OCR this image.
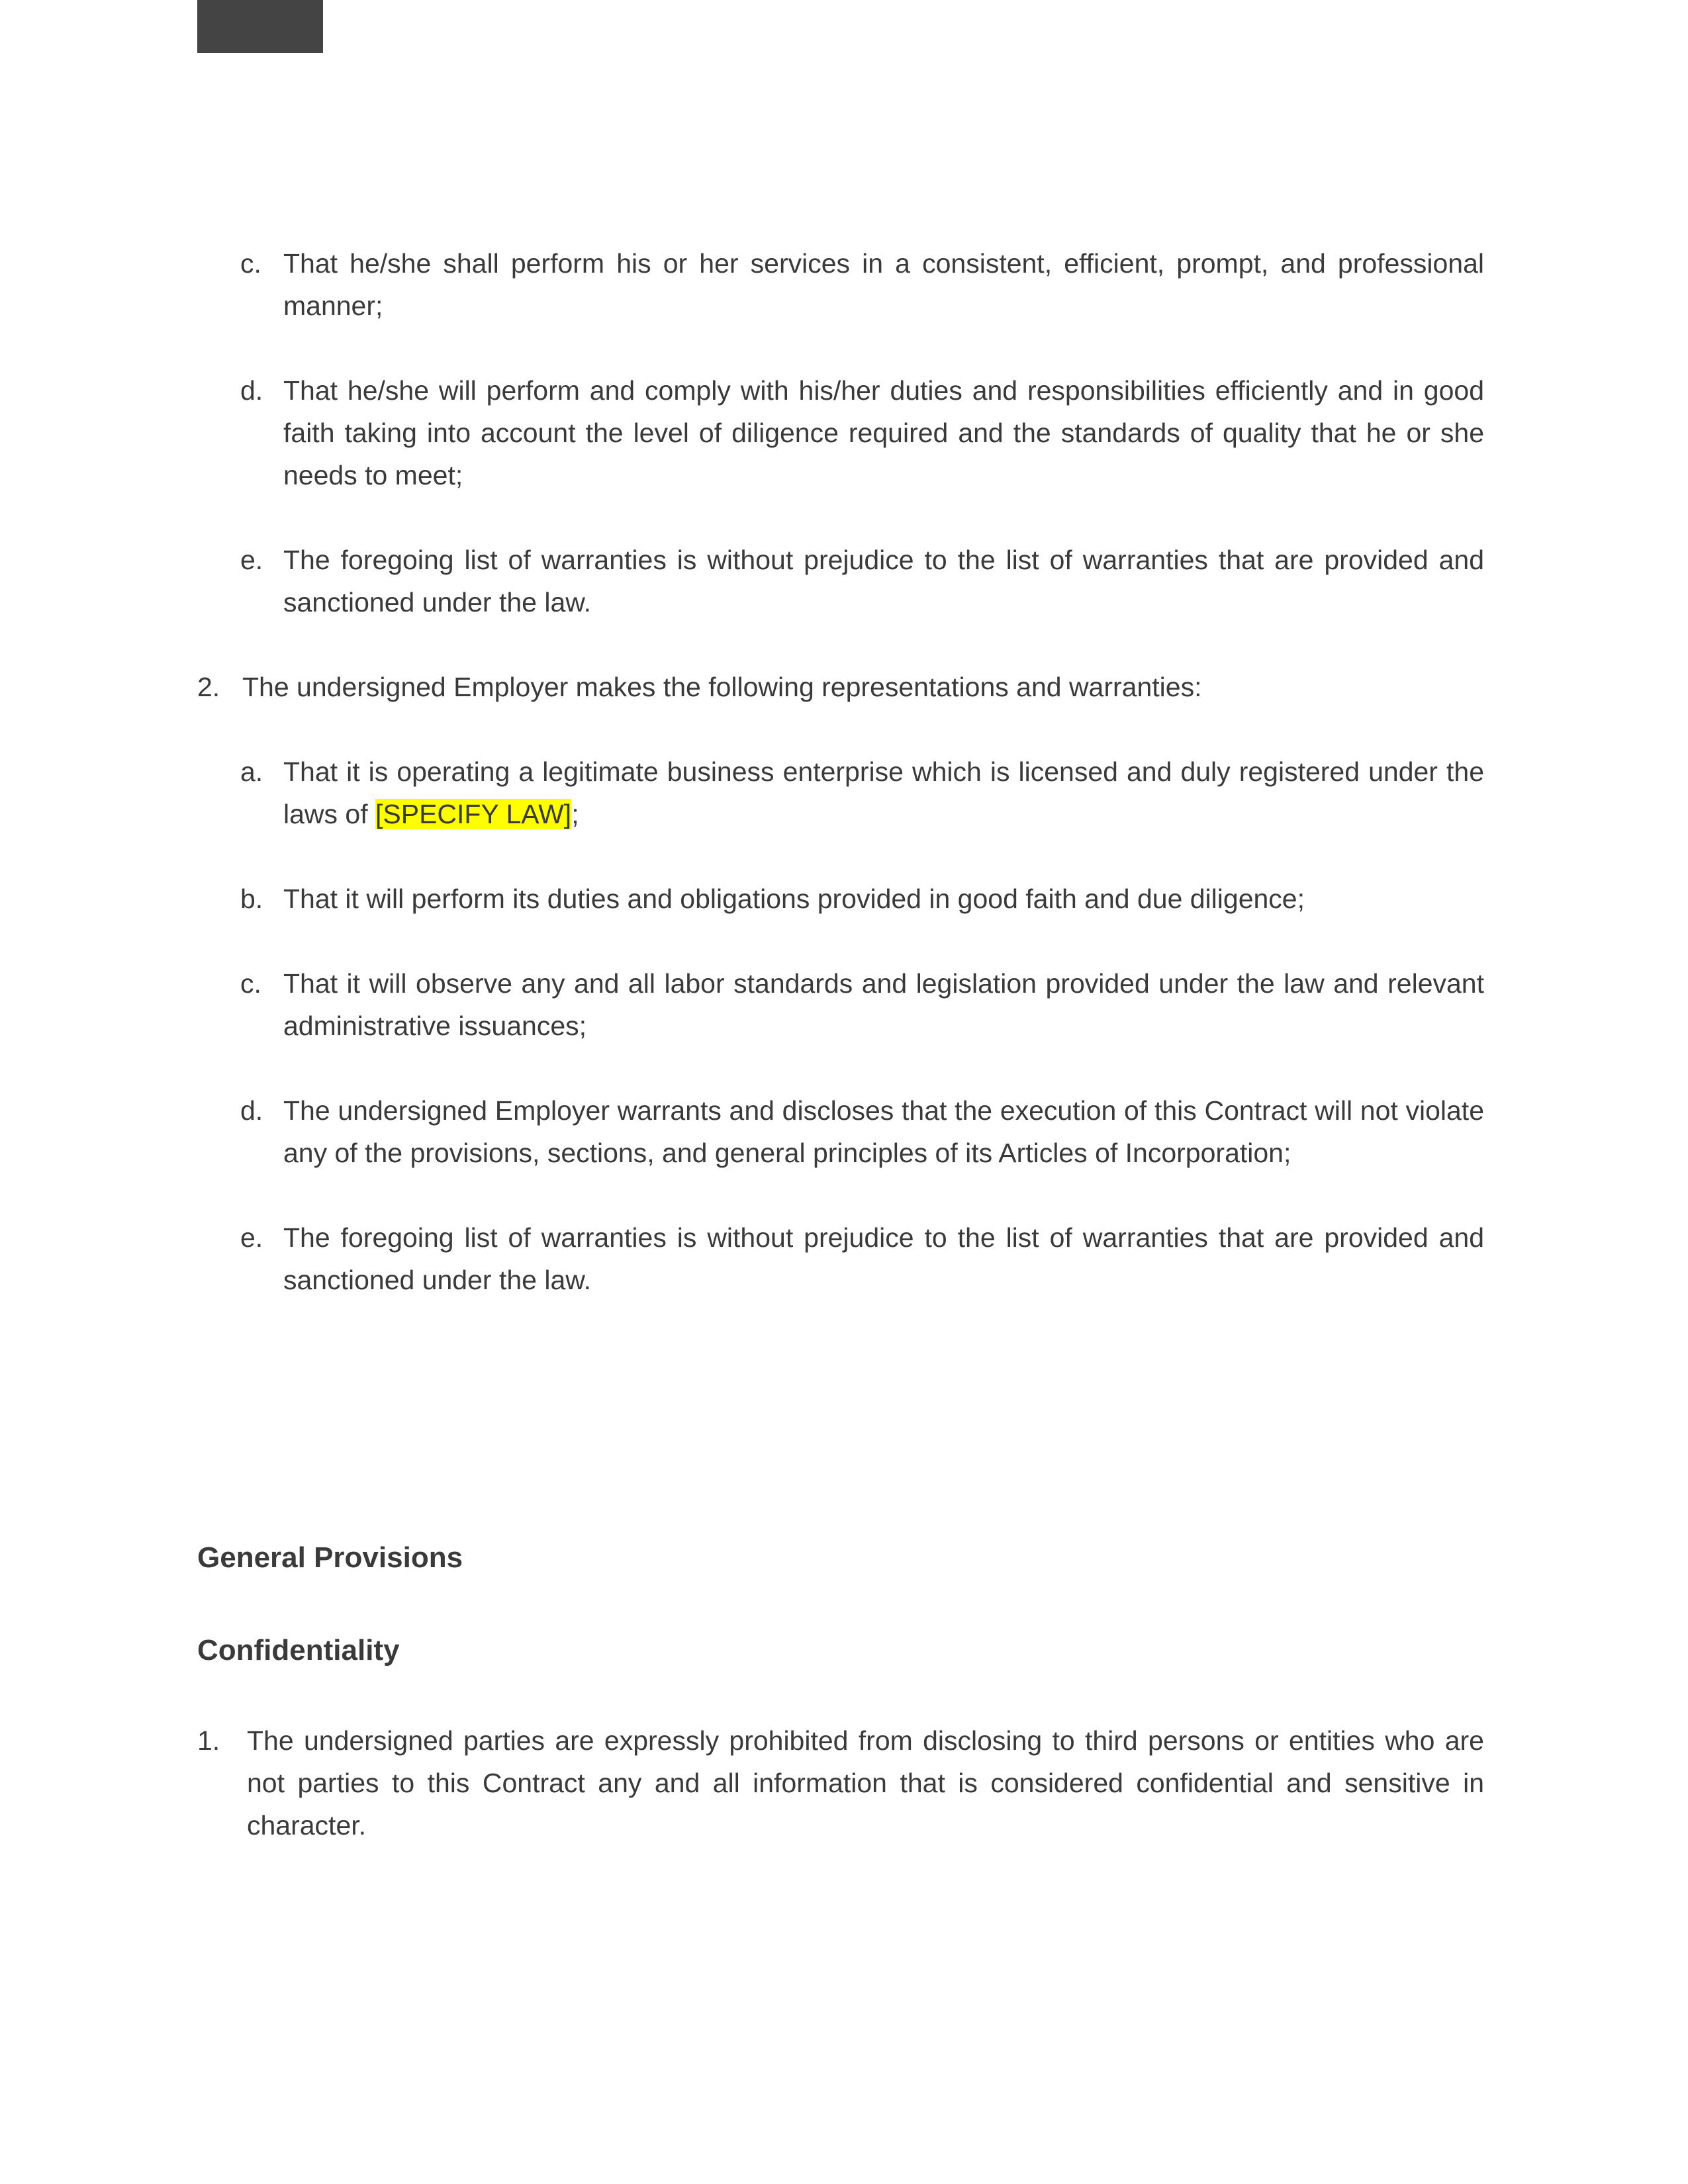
c. That he/she shall perform his or her services in a consistent, efficient, prompt, and professional manner;
d. That he/she will perform and comply with his/her duties and responsibilities efficiently and in good faith taking into account the level of diligence required and the standards of quality that he or she needs to meet;
e. The foregoing list of warranties is without prejudice to the list of warranties that are provided and sanctioned under the law.
2. The undersigned Employer makes the following representations and warranties:
a. That it is operating a legitimate business enterprise which is licensed and duly registered under the laws of [SPECIFY LAW];
b. That it will perform its duties and obligations provided in good faith and due diligence;
c. That it will observe any and all labor standards and legislation provided under the law and relevant administrative issuances;
d. The undersigned Employer warrants and discloses that the execution of this Contract will not violate any of the provisions, sections, and general principles of its Articles of Incorporation;
e. The foregoing list of warranties is without prejudice to the list of warranties that are provided and sanctioned under the law.
General Provisions
Confidentiality
1. The undersigned parties are expressly prohibited from disclosing to third persons or entities who are not parties to this Contract any and all information that is considered confidential and sensitive in character.
